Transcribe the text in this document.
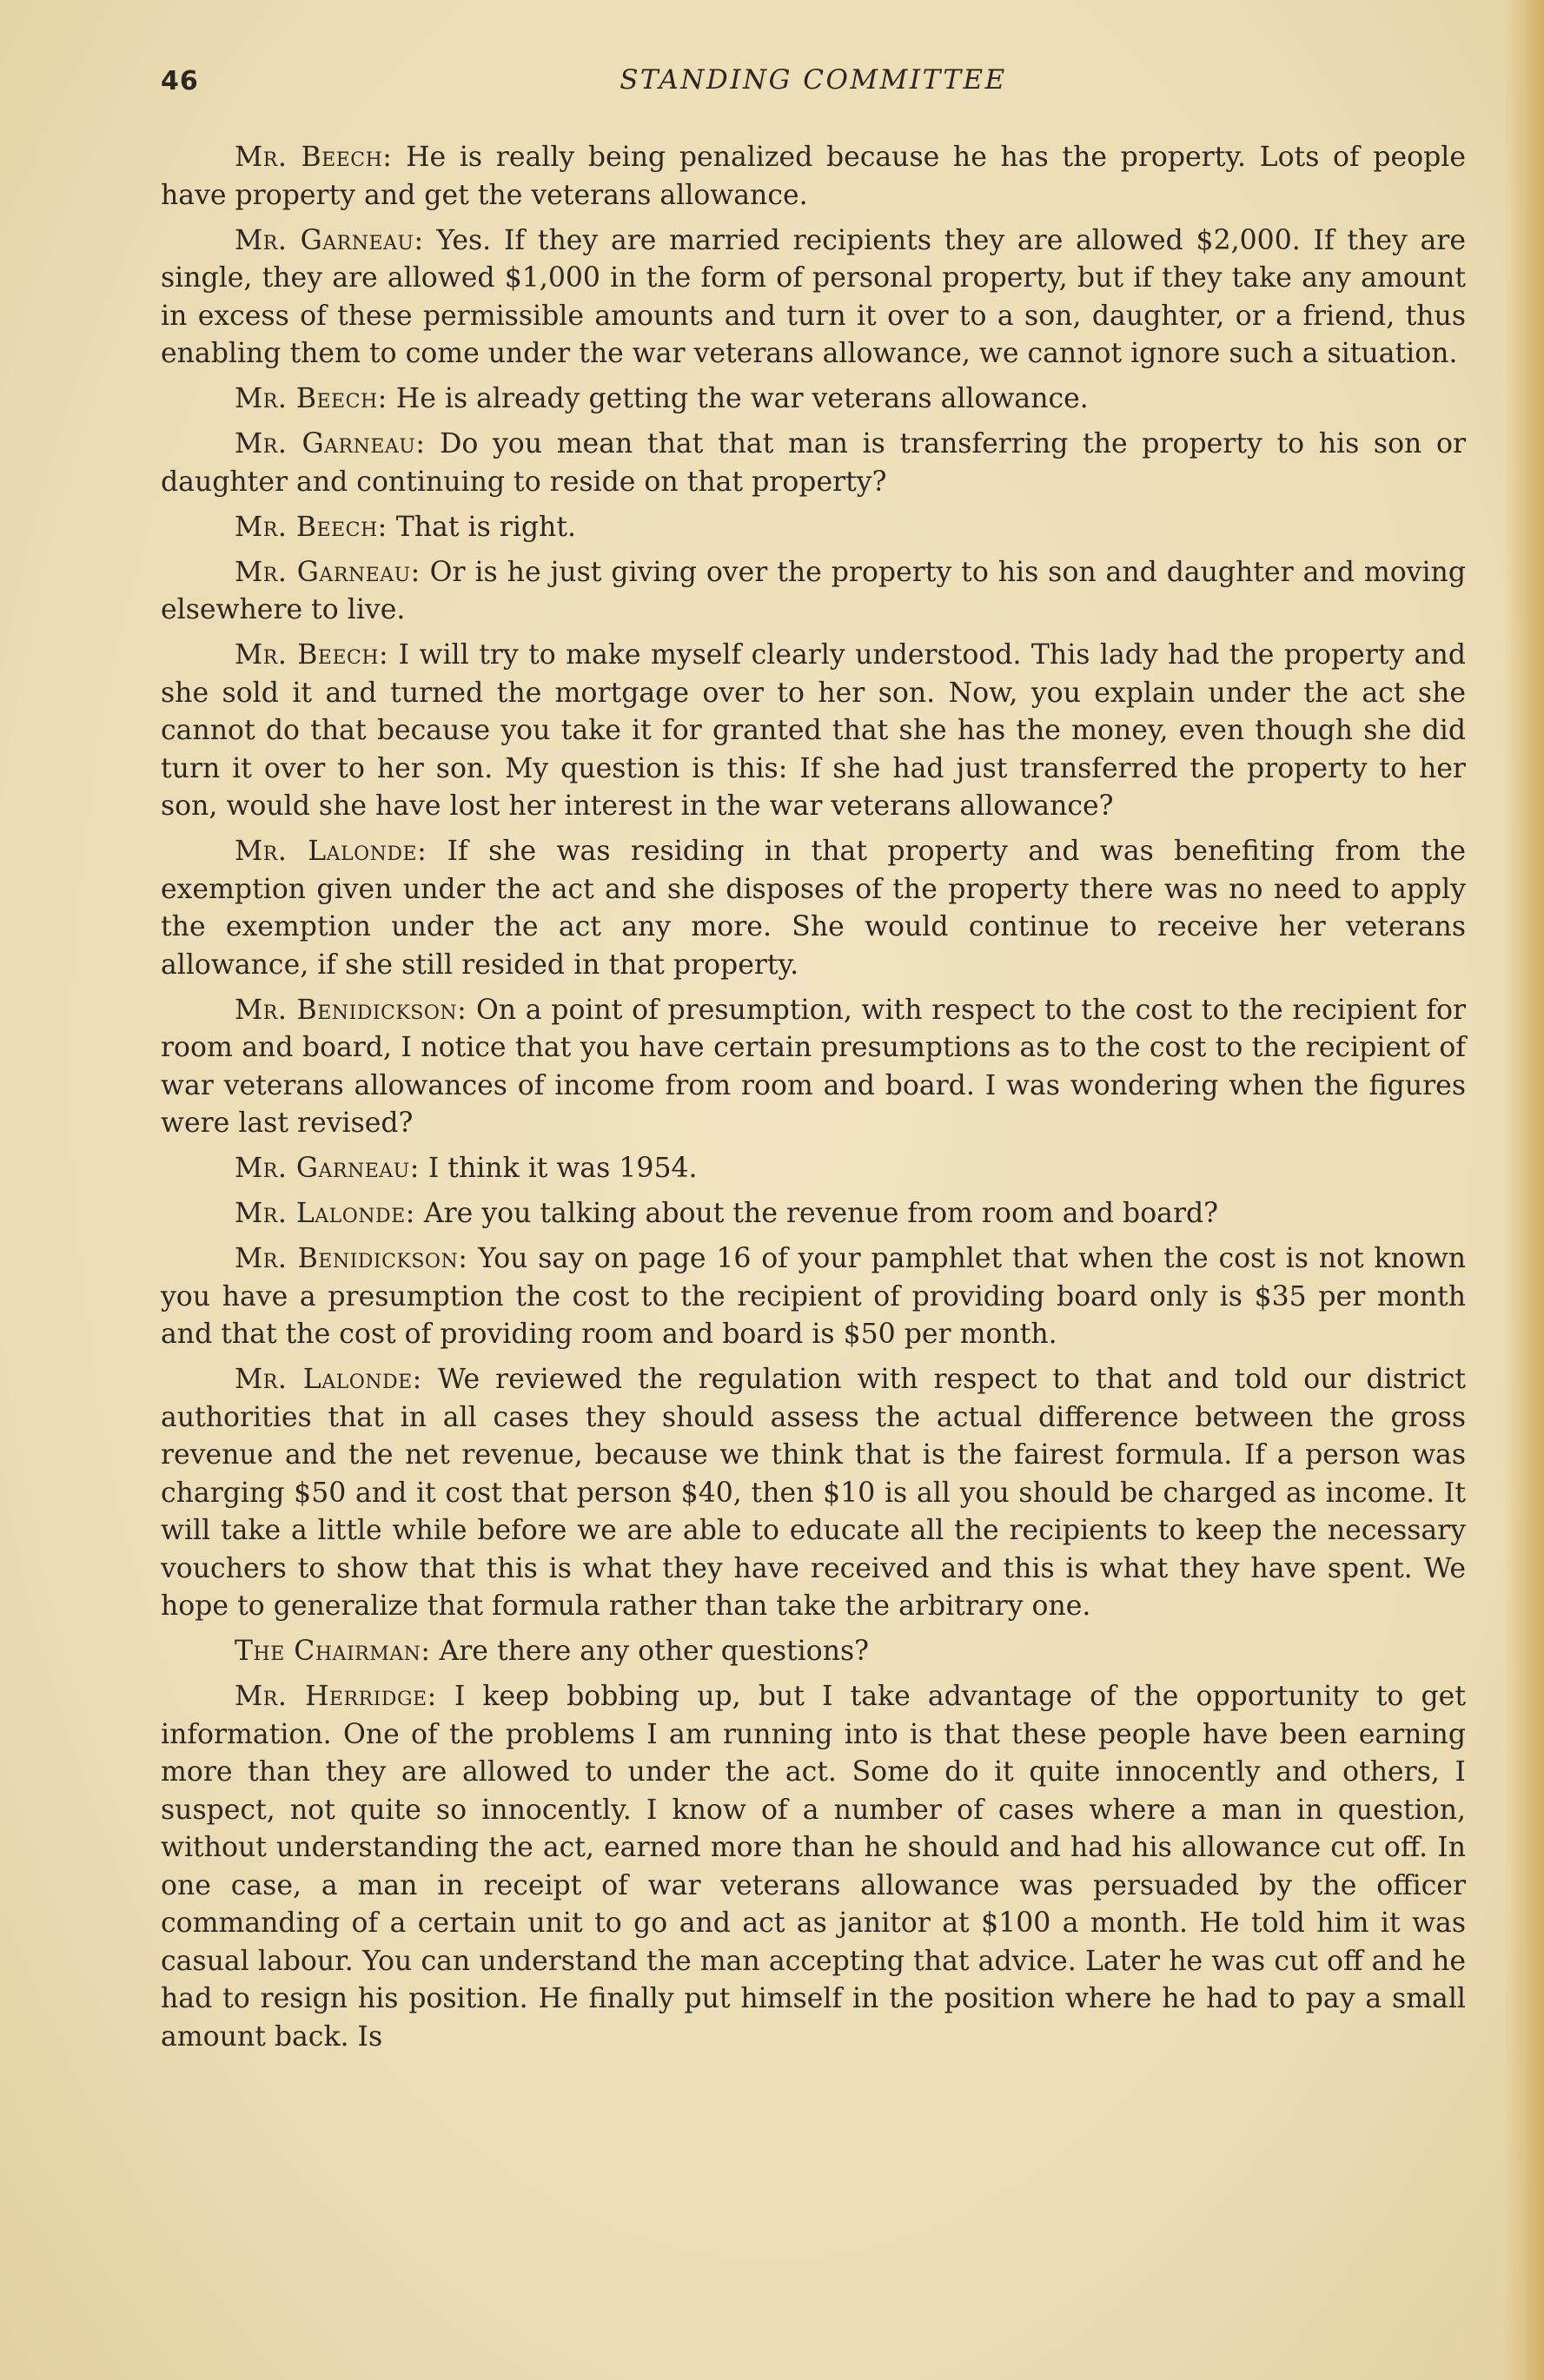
46	STANDING COMMITTEE

Mr. Beech: He is really being penalized because he has the property. Lots of people have property and get the veterans allowance.

Mr. Garneau: Yes. If they are married recipients they are allowed $2,000. If they are single, they are allowed $1,000 in the form of personal property, but if they take any amount in excess of these permissible amounts and turn it over to a son, daughter, or a friend, thus enabling them to come under the war veterans allowance, we cannot ignore such a situation.

Mr. Beech: He is already getting the war veterans allowance.

Mr. Garneau: Do you mean that that man is transferring the property to his son or daughter and continuing to reside on that property?

Mr. Beech: That is right.

Mr. Garneau: Or is he just giving over the property to his son and daughter and moving elsewhere to live.

Mr. Beech: I will try to make myself clearly understood. This lady had the property and she sold it and turned the mortgage over to her son. Now, you explain under the act she cannot do that because you take it for granted that she has the money, even though she did turn it over to her son. My question is this: If she had just transferred the property to her son, would she have lost her interest in the war veterans allowance?

Mr. Lalonde: If she was residing in that property and was benefiting from the exemption given under the act and she disposes of the property there was no need to apply the exemption under the act any more. She would continue to receive her veterans allowance, if she still resided in that property.

Mr. Benidickson: On a point of presumption, with respect to the cost to the recipient for room and board, I notice that you have certain presumptions as to the cost to the recipient of war veterans allowances of income from room and board. I was wondering when the figures were last revised?

Mr. Garneau: I think it was 1954.

Mr. Lalonde: Are you talking about the revenue from room and board?

Mr. Benidickson: You say on page 16 of your pamphlet that when the cost is not known you have a presumption the cost to the recipient of providing board only is $35 per month and that the cost of providing room and board is $50 per month.

Mr. Lalonde: We reviewed the regulation with respect to that and told our district authorities that in all cases they should assess the actual difference between the gross revenue and the net revenue, because we think that is the fairest formula. If a person was charging $50 and it cost that person $40, then $10 is all you should be charged as income. It will take a little while before we are able to educate all the recipients to keep the necessary vouchers to show that this is what they have received and this is what they have spent. We hope to generalize that formula rather than take the arbitrary one.

The Chairman: Are there any other questions?

Mr. Herridge: I keep bobbing up, but I take advantage of the opportunity to get information. One of the problems I am running into is that these people have been earning more than they are allowed to under the act. Some do it quite innocently and others, I suspect, not quite so innocently. I know of a number of cases where a man in question, without understanding the act, earned more than he should and had his allowance cut off. In one case, a man in receipt of war veterans allowance was persuaded by the officer commanding of a certain unit to go and act as janitor at $100 a month. He told him it was casual labour. You can understand the man accepting that advice. Later he was cut off and he had to resign his position. He finally put himself in the position where he had to pay a small amount back. Is
